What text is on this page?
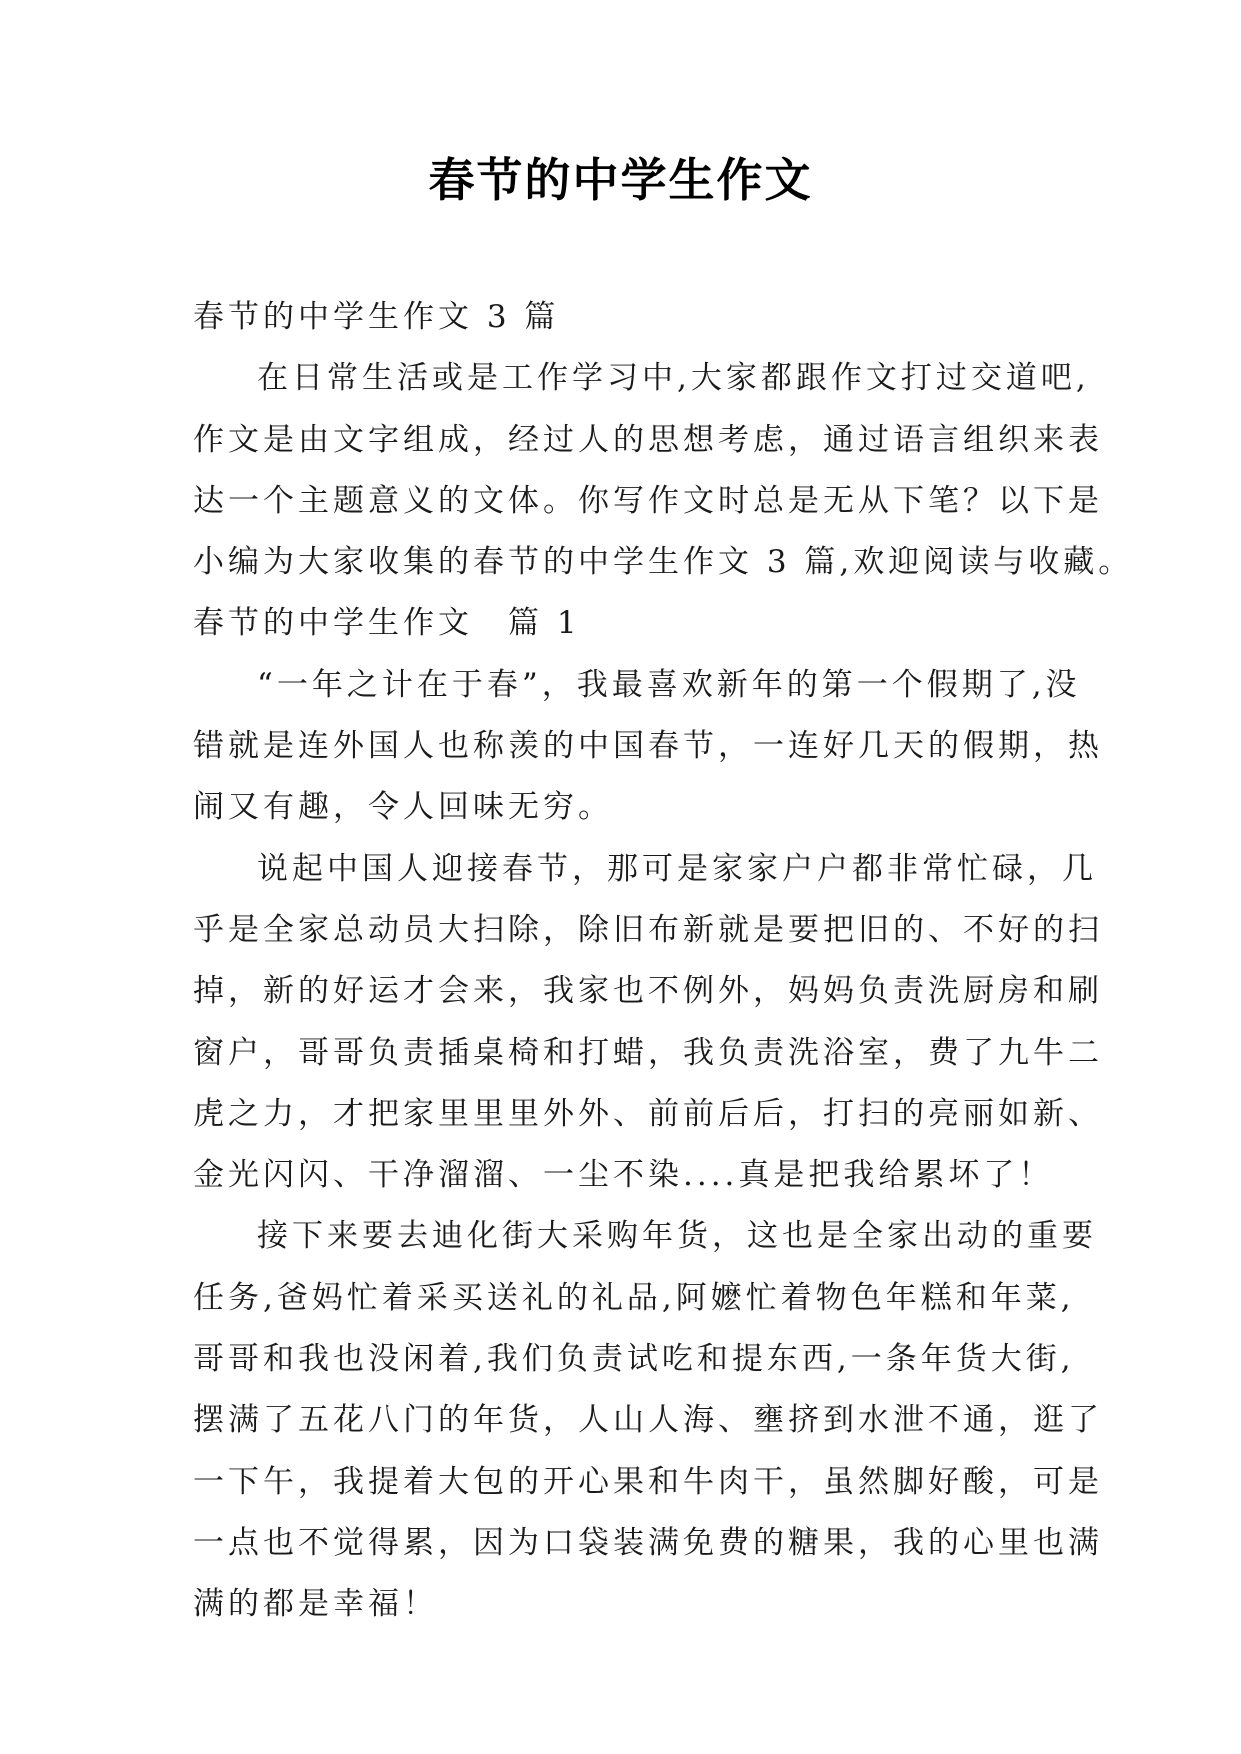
春节的中学生作文
春节的中学生作文 3 篇
在日常生活或是工作学习中,大家都跟作文打过交道吧,
作文是由文字组成，经过人的思想考虑，通过语言组织来表
达一个主题意义的文体。你写作文时总是无从下笔？以下是
小编为大家收集的春节的中学生作文 3 篇,欢迎阅读与收藏。
春节的中学生作文　篇 1
“一年之计在于春”，我最喜欢新年的第一个假期了,没
错就是连外国人也称羡的中国春节，一连好几天的假期，热
闹又有趣，令人回味无穷。
说起中国人迎接春节，那可是家家户户都非常忙碌，几
乎是全家总动员大扫除，除旧布新就是要把旧的、不好的扫
掉，新的好运才会来，我家也不例外，妈妈负责洗厨房和刷
窗户，哥哥负责插桌椅和打蜡，我负责洗浴室，费了九牛二
虎之力，才把家里里里外外、前前后后，打扫的亮丽如新、
金光闪闪、干净溜溜、一尘不染....真是把我给累坏了！
接下来要去迪化街大采购年货，这也是全家出动的重要
任务,爸妈忙着采买送礼的礼品,阿嬷忙着物色年糕和年菜,
哥哥和我也没闲着,我们负责试吃和提东西,一条年货大街,
摆满了五花八门的年货，人山人海、壅挤到水泄不通，逛了
一下午，我提着大包的开心果和牛肉干，虽然脚好酸，可是
一点也不觉得累，因为口袋装满免费的糖果，我的心里也满
满的都是幸福！
